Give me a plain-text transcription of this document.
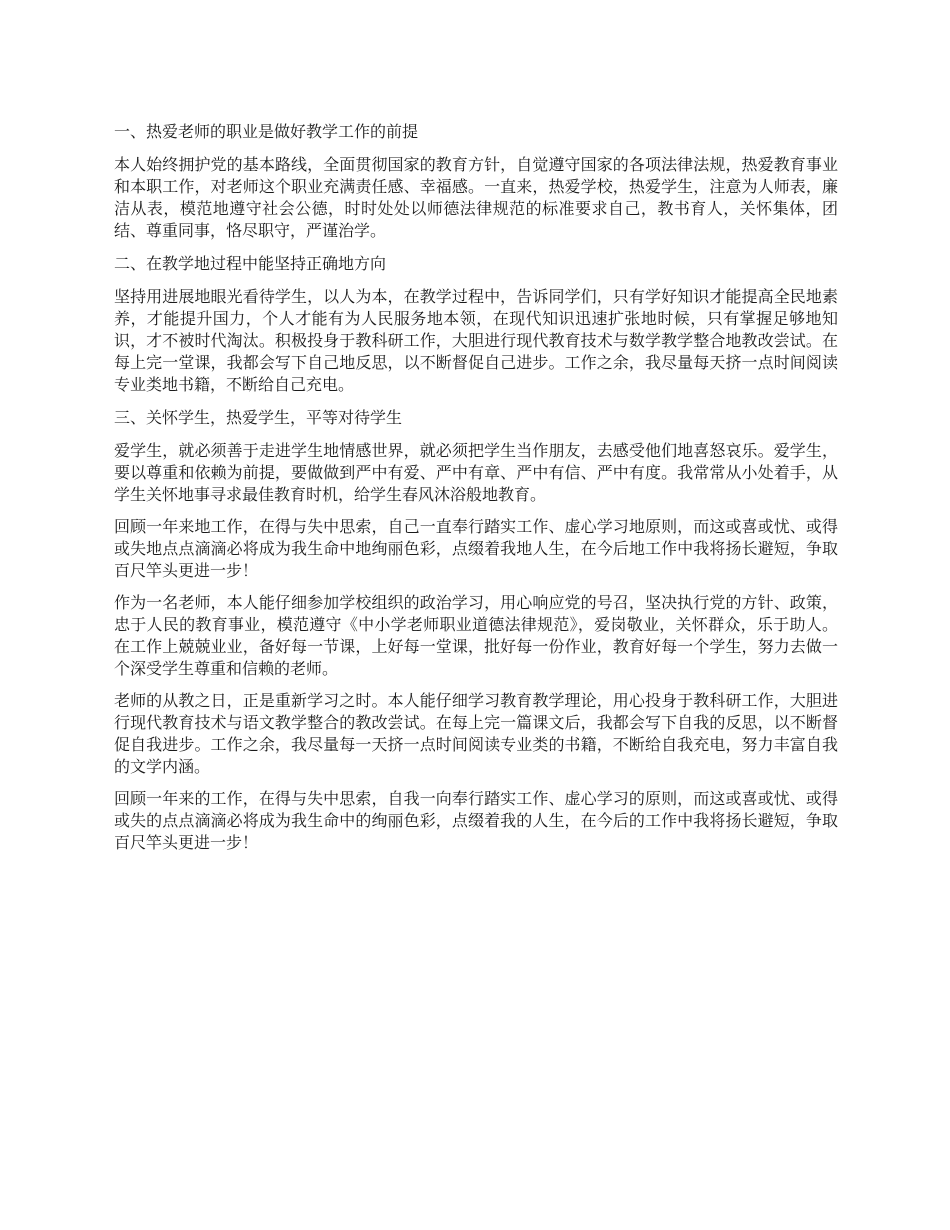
一、热爱老师的职业是做好教学工作的前提

本人始终拥护党的基本路线，全面贯彻国家的教育方针，自觉遵守国家的各项法律法规，热爱教育事业和本职工作，对老师这个职业充满责任感、幸福感。一直来，热爱学校，热爱学生，注意为人师表，廉洁从表，模范地遵守社会公德，时时处处以师德法律规范的标准要求自己，教书育人，关怀集体，团结、尊重同事，恪尽职守，严谨治学。

二、在教学地过程中能坚持正确地方向

坚持用进展地眼光看待学生，以人为本，在教学过程中，告诉同学们，只有学好知识才能提高全民地素养，才能提升国力，个人才能有为人民服务地本领，在现代知识迅速扩张地时候，只有掌握足够地知识，才不被时代淘汰。积极投身于教科研工作，大胆进行现代教育技术与数学教学整合地教改尝试。在每上完一堂课，我都会写下自己地反思，以不断督促自己进步。工作之余，我尽量每天挤一点时间阅读专业类地书籍，不断给自己充电。

三、关怀学生，热爱学生，平等对待学生

爱学生，就必须善于走进学生地情感世界，就必须把学生当作朋友，去感受他们地喜怒哀乐。爱学生，要以尊重和依赖为前提，要做做到严中有爱、严中有章、严中有信、严中有度。我常常从小处着手，从学生关怀地事寻求最佳教育时机，给学生春风沐浴般地教育。

回顾一年来地工作，在得与失中思索，自己一直奉行踏实工作、虚心学习地原则，而这或喜或忧、或得或失地点点滴滴必将成为我生命中地绚丽色彩，点缀着我地人生，在今后地工作中我将扬长避短，争取百尺竿头更进一步！

作为一名老师，本人能仔细参加学校组织的政治学习，用心响应党的号召，坚决执行党的方针、政策，忠于人民的教育事业，模范遵守《中小学老师职业道德法律规范》，爱岗敬业，关怀群众，乐于助人。在工作上兢兢业业，备好每一节课，上好每一堂课，批好每一份作业，教育好每一个学生，努力去做一个深受学生尊重和信赖的老师。

老师的从教之日，正是重新学习之时。本人能仔细学习教育教学理论，用心投身于教科研工作，大胆进行现代教育技术与语文教学整合的教改尝试。在每上完一篇课文后，我都会写下自我的反思，以不断督促自我进步。工作之余，我尽量每一天挤一点时间阅读专业类的书籍，不断给自我充电，努力丰富自我的文学内涵。

回顾一年来的工作，在得与失中思索，自我一向奉行踏实工作、虚心学习的原则，而这或喜或忧、或得或失的点点滴滴必将成为我生命中的绚丽色彩，点缀着我的人生，在今后的工作中我将扬长避短，争取百尺竿头更进一步！
